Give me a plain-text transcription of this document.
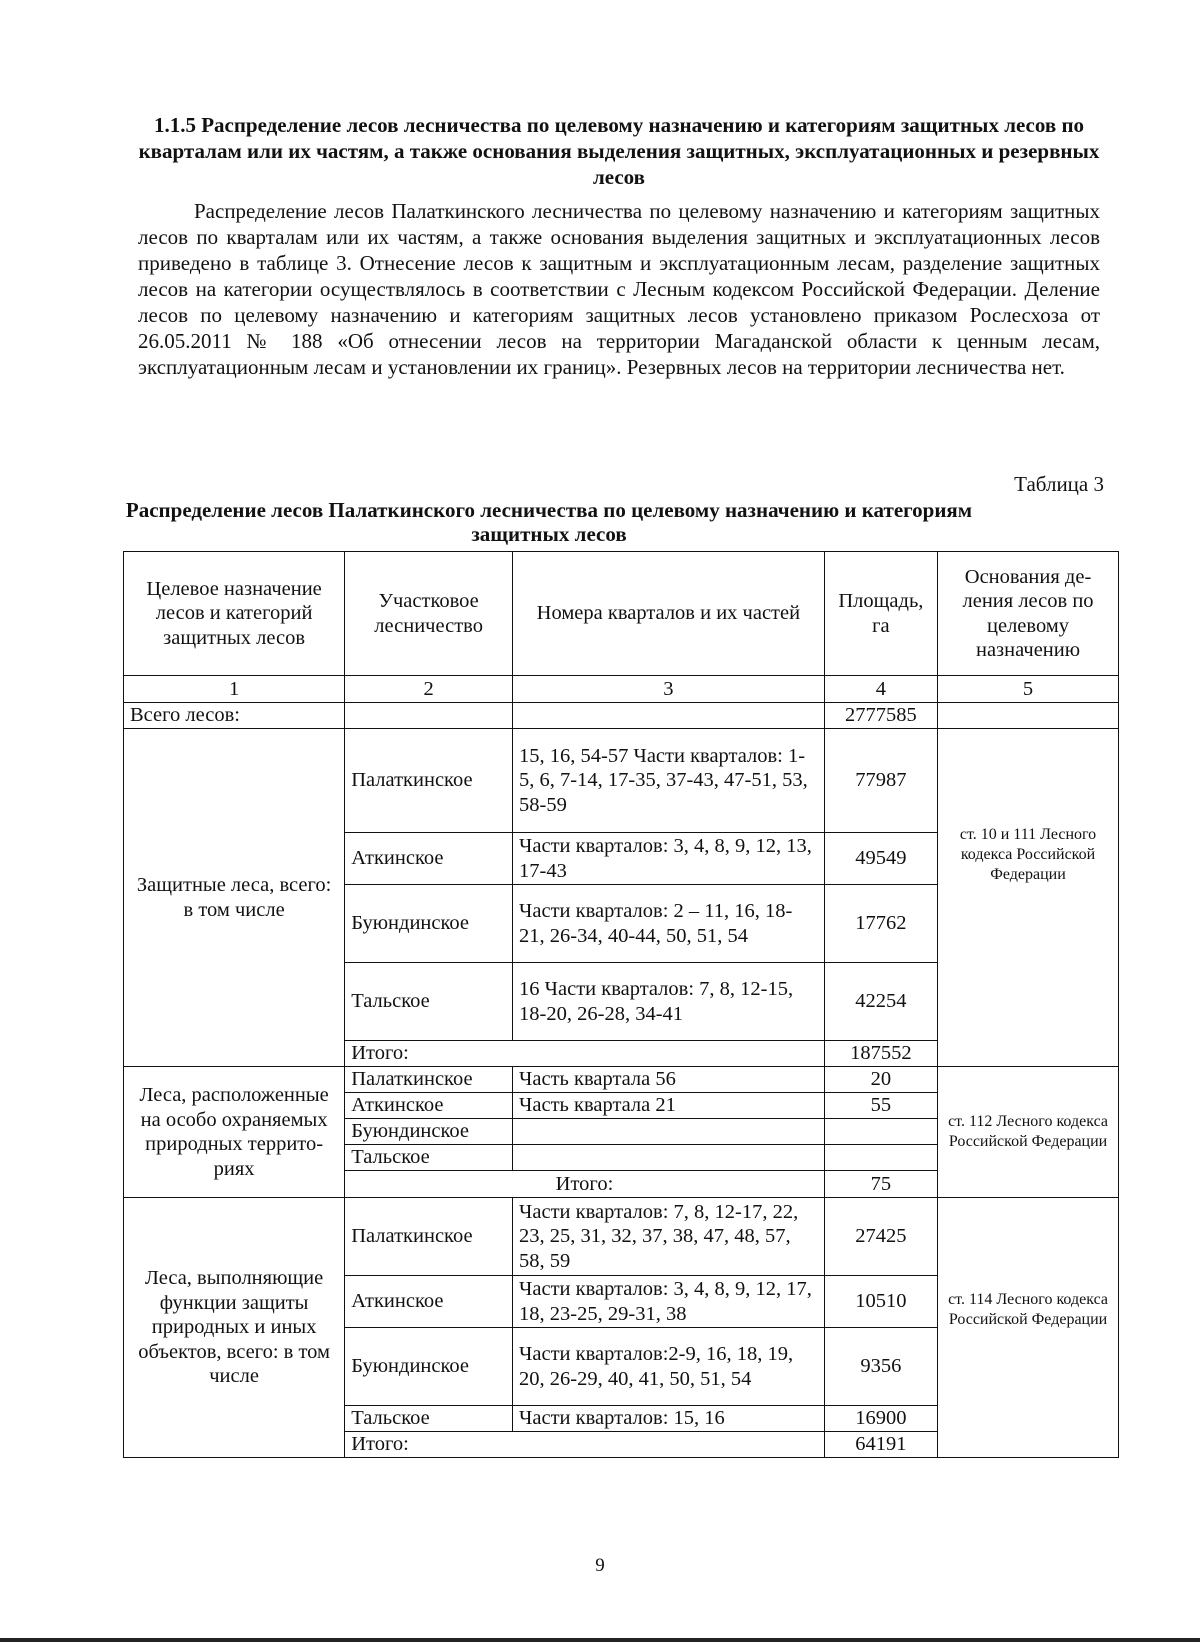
1.1.5 Распределение лесов лесничества по целевому назначению и категориям защитных лесов по кварталам или их частям, а также основания выделения защитных, эксплуатационных и резервных лесов
Распределение лесов Палаткинского лесничества по целевому назначению и категориям защитных лесов по кварталам или их частям, а также основания выделения защитных и эксплуатационных лесов приведено в таблице 3. Отнесение лесов к защитным и эксплуатационным лесам, разделение защитных лесов на категории осуществлялось в соответствии с Лесным кодексом Российской Федерации. Деление лесов по целевому назначению и категориям защитных лесов установлено приказом Рослесхоза от 26.05.2011 № 188 «Об отнесении лесов на территории Магаданской области к ценным лесам, эксплуатационным лесам и установлении их границ». Резервных лесов на территории лесничества нет.
Таблица 3
Распределение лесов Палаткинского лесничества по целевому назначению и категориям защитных лесов
Целевое назначение лесов и категорий защитных лесов	Участковое лесничество	Номера кварталов и их частей	Площадь, га	Основания деления лесов по целевому назначению
1	2	3	4	5
Всего лесов:			2777585	
Защитные леса, всего: в том числе	Палаткинское	15, 16, 54-57 Части кварталов: 1-5, 6, 7-14, 17-35, 37-43, 47-51, 53, 58-59	77987	ст. 10 и 111 Лесного кодекса Российской Федерации
	Аткинское	Части кварталов: 3, 4, 8, 9, 12, 13, 17-43	49549	
	Буюндинское	Части кварталов: 2 – 11, 16, 18-21, 26-34, 40-44, 50, 51, 54	17762	
	Тальское	16 Части кварталов: 7, 8, 12-15, 18-20, 26-28, 34-41	42254	
	Итого:		187552	
Леса, расположенные на особо охраняемых природных территориях	Палаткинское	Часть квартала 56	20	ст. 112 Лесного кодекса Российской Федерации
	Аткинское	Часть квартала 21	55	
	Буюндинское			
	Тальское			
	Итого:		75	
Леса, выполняющие функции защиты природных и иных объектов, всего: в том числе	Палаткинское	Части кварталов: 7, 8, 12-17, 22, 23, 25, 31, 32, 37, 38, 47, 48, 57, 58, 59	27425	ст. 114 Лесного кодекса Российской Федерации
	Аткинское	Части кварталов: 3, 4, 8, 9, 12, 17, 18, 23-25, 29-31, 38	10510	
	Буюндинское	Части кварталов:2-9, 16, 18, 19, 20, 26-29, 40, 41, 50, 51, 54	9356	
	Тальское	Части кварталов: 15, 16	16900	
	Итого:		64191	
9
